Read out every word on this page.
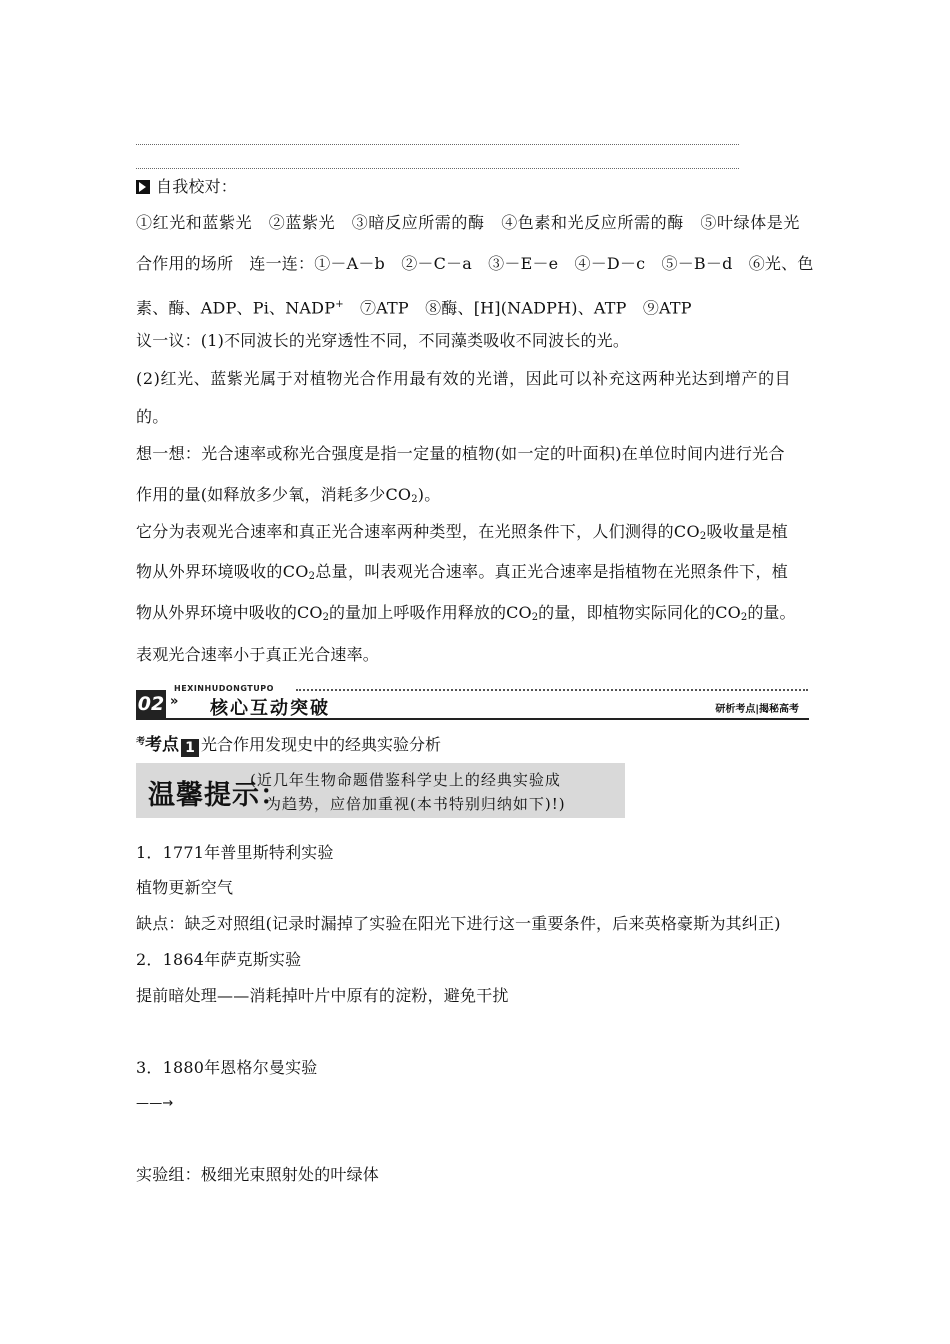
自我校对：
①红光和蓝紫光　②蓝紫光　③暗反应所需的酶　④色素和光反应所需的酶　⑤叶绿体是光
合作用的场所　连一连：①－A－b　②－C－a　③－E－e　④－D－c　⑤－B－d　⑥光、色
素、酶、ADP、Pi、NADP+　⑦ATP　⑧酶、[H](NADPH)、ATP　⑨ATP
议一议：(1)不同波长的光穿透性不同，不同藻类吸收不同波长的光。
(2)红光、蓝紫光属于对植物光合作用最有效的光谱，因此可以补充这两种光达到增产的目
的。
想一想：光合速率或称光合强度是指一定量的植物(如一定的叶面积)在单位时间内进行光合
作用的量(如释放多少氧，消耗多少$CO_2$)。
它分为表观光合速率和真正光合速率两种类型，在光照条件下，人们测得的$CO_2$吸收量是植
物从外界环境吸收的$CO_2$总量，叫表观光合速率。真正光合速率是指植物在光照条件下，植
物从外界环境中吸收的$CO_2$的量加上呼吸作用释放的$CO_2$的量，即植物实际同化的$CO_2$的量。
表观光合速率小于真正光合速率。
HEXINHUDONGTUPO
02 » 核心互动突破	研析考点|揭秘高考
$^考$考点 1 光合作用发现史中的经典实验分析
温馨提示：
(近几年生物命题借鉴科学史上的经典实验成
为趋势，应倍加重视(本书特别归纳如下)!)
1．1771年普里斯特利实验
植物更新空气
缺点：缺乏对照组(记录时漏掉了实验在阳光下进行这一重要条件，后来英格豪斯为其纠正)
2．1864年萨克斯实验
提前暗处理——消耗掉叶片中原有的淀粉，避免干扰
3．1880年恩格尔曼实验
——→
实验组：极细光束照射处的叶绿体
